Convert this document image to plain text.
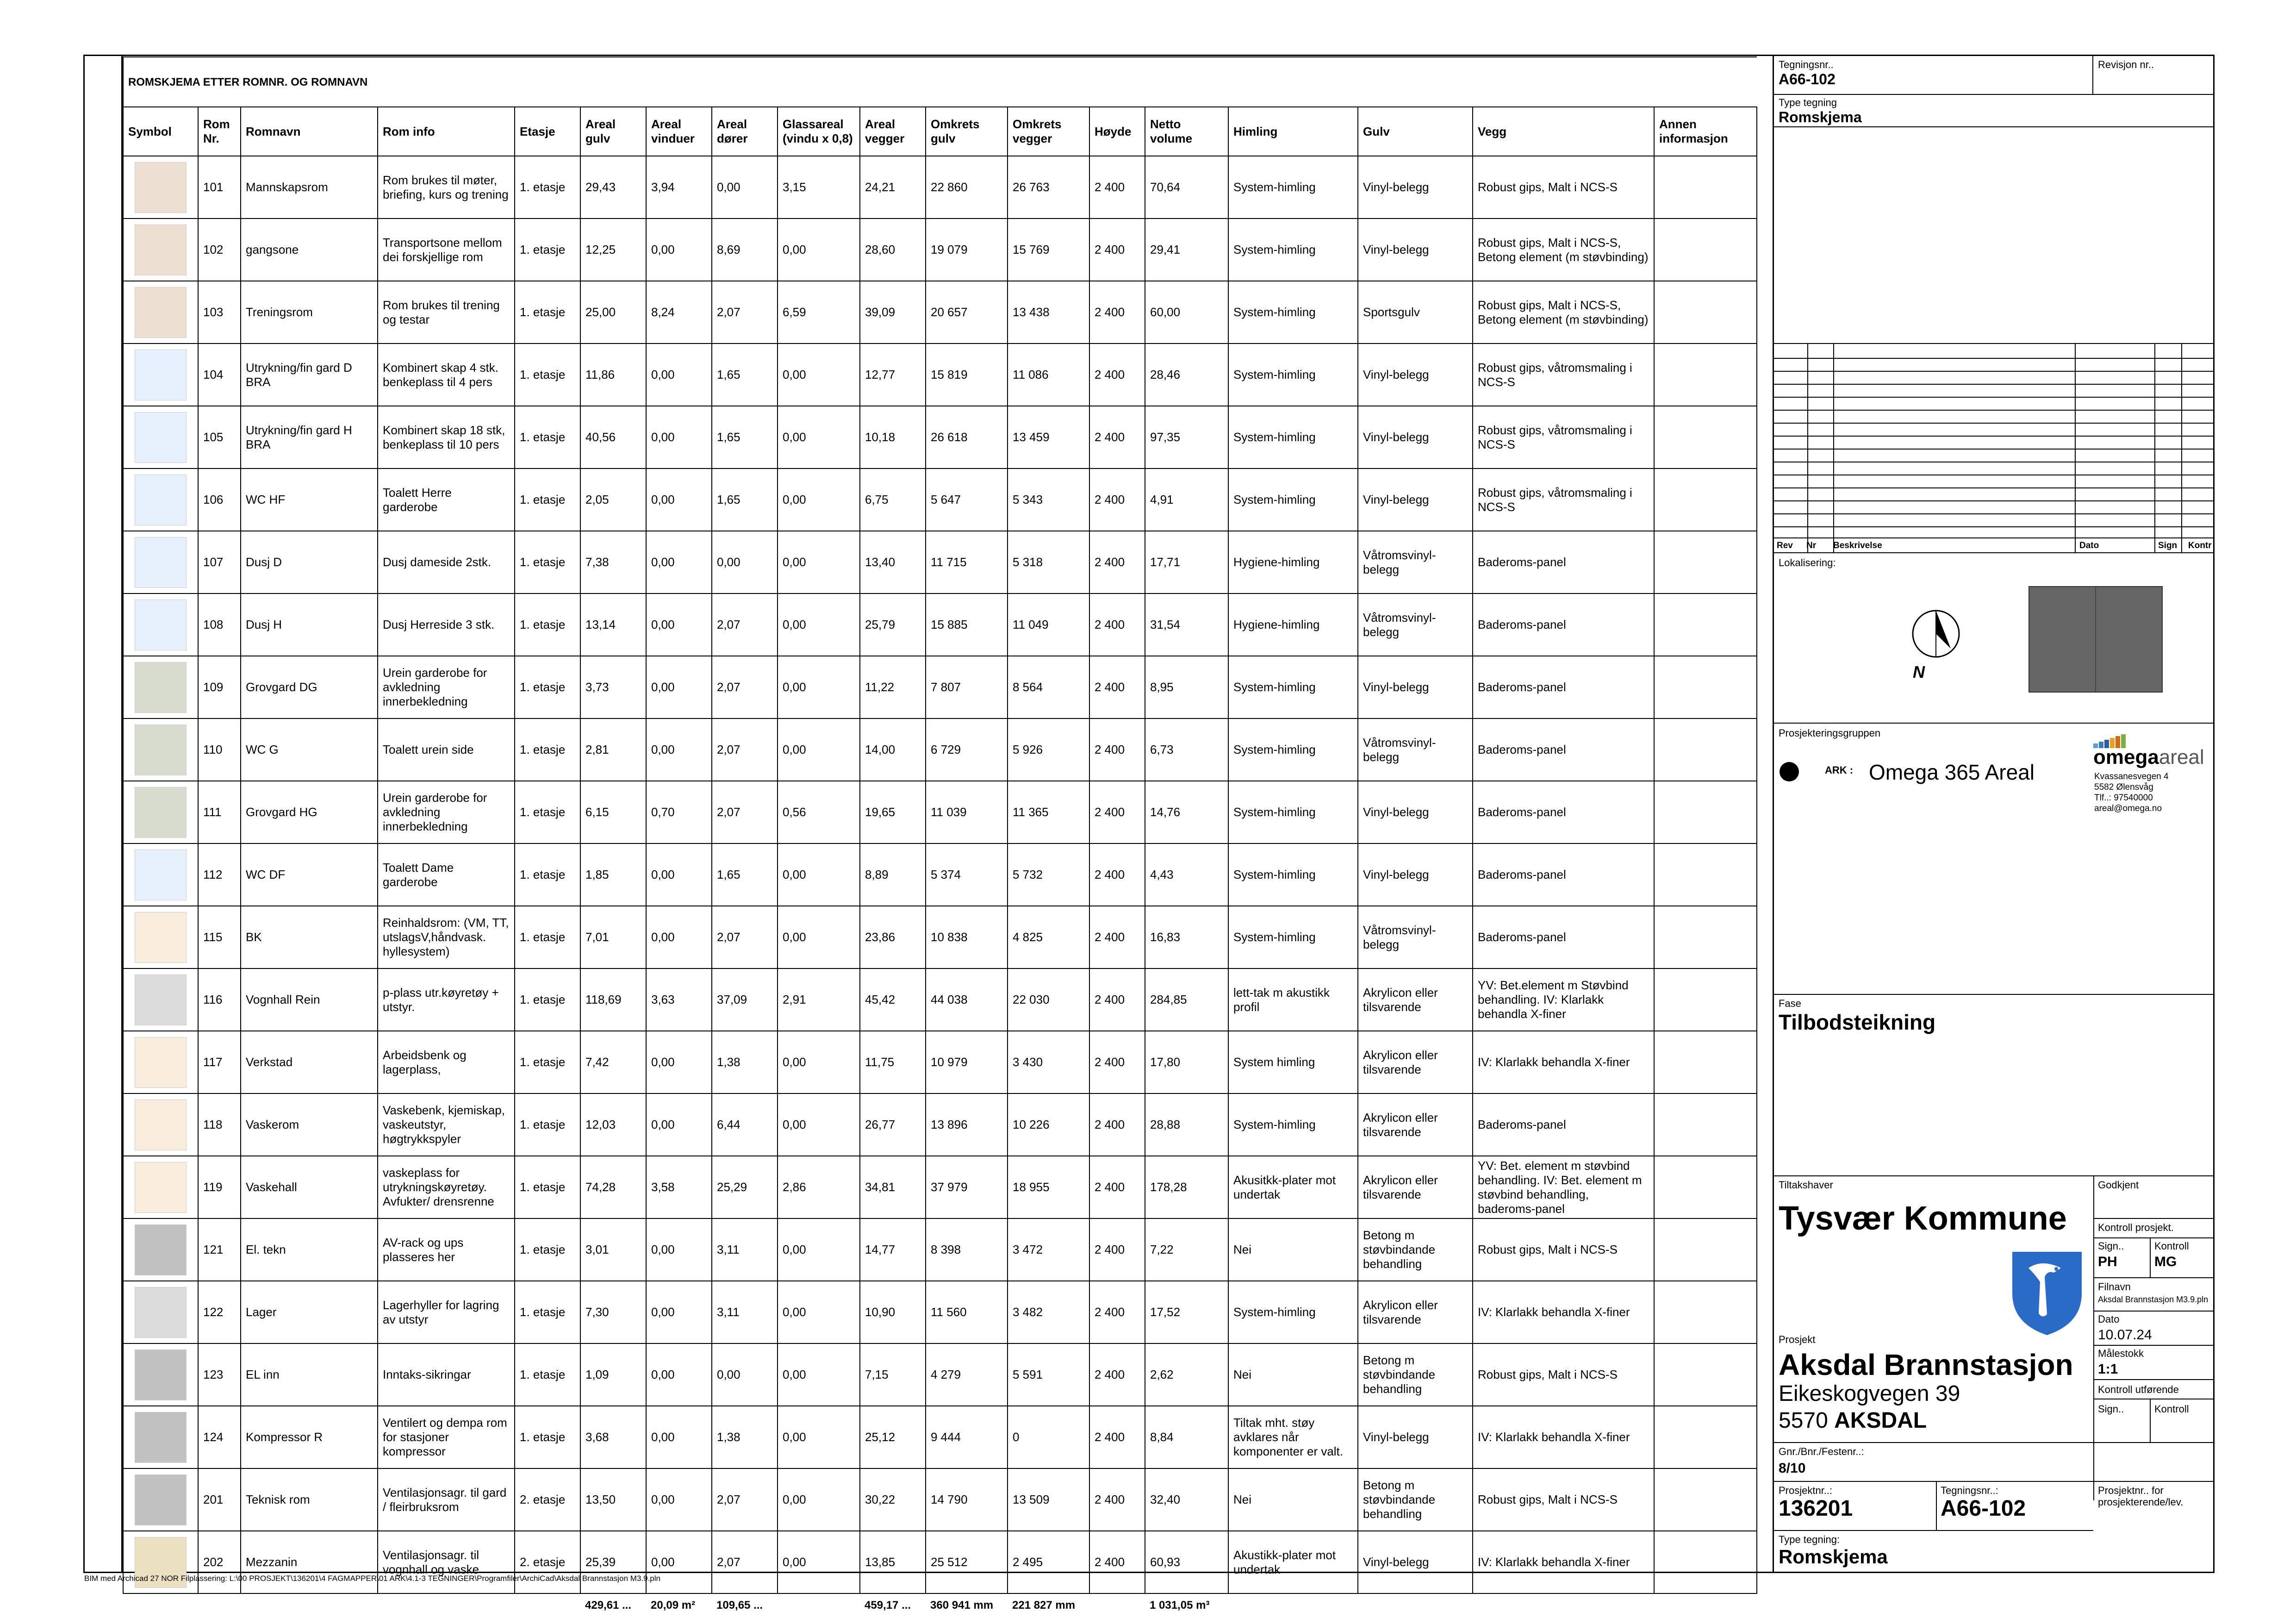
ROMSKJEMA ETTER ROMNR. OG ROMNAVN																	
Symbol	Rom Nr.	Romnavn	Rom info	Etasje	Areal gulv	Areal vinduer	Areal dører	Glassareal (vindu x 0,8)	Areal vegger	Omkrets gulv	Omkrets vegger	Høyde	Netto volume	Himling	Gulv	Vegg	Annen informasjon

	101	Mannskapsrom	Rom brukes til møter, briefing, kurs og trening	1. etasje	29,43	3,94	0,00	3,15	24,21	22 860	26 763	2 400	70,64	System-himling	Vinyl-belegg	Robust gips, Malt i NCS-S	

	102	gangsone	Transportsone mellom dei forskjellige rom	1. etasje	12,25	0,00	8,69	0,00	28,60	19 079	15 769	2 400	29,41	System-himling	Vinyl-belegg	Robust gips, Malt i NCS-S, Betong element (m støvbinding)	

	103	Treningsrom	Rom brukes til trening og testar	1. etasje	25,00	8,24	2,07	6,59	39,09	20 657	13 438	2 400	60,00	System-himling	Sportsgulv	Robust gips, Malt i NCS-S, Betong element (m støvbinding)	

	104	Utrykning/fin gard D BRA	Kombinert skap 4 stk. benkeplass til 4 pers	1. etasje	11,86	0,00	1,65	0,00	12,77	15 819	11 086	2 400	28,46	System-himling	Vinyl-belegg	Robust gips, våtromsmaling i NCS-S	

	105	Utrykning/fin gard H BRA	Kombinert skap 18 stk, benkeplass til 10 pers	1. etasje	40,56	0,00	1,65	0,00	10,18	26 618	13 459	2 400	97,35	System-himling	Vinyl-belegg	Robust gips, våtromsmaling i NCS-S	

	106	WC HF	Toalett Herre garderobe	1. etasje	2,05	0,00	1,65	0,00	6,75	5 647	5 343	2 400	4,91	System-himling	Vinyl-belegg	Robust gips, våtromsmaling i NCS-S	

	107	Dusj D	Dusj dameside 2stk.	1. etasje	7,38	0,00	0,00	0,00	13,40	11 715	5 318	2 400	17,71	Hygiene-himling	Våtromsvinyl-belegg	Baderoms-panel	

	108	Dusj H	Dusj Herreside 3 stk.	1. etasje	13,14	0,00	2,07	0,00	25,79	15 885	11 049	2 400	31,54	Hygiene-himling	Våtromsvinyl-belegg	Baderoms-panel	

	109	Grovgard DG	Urein garderobe for avkledning innerbekledning	1. etasje	3,73	0,00	2,07	0,00	11,22	7 807	8 564	2 400	8,95	System-himling	Vinyl-belegg	Baderoms-panel	

	110	WC G	Toalett urein side	1. etasje	2,81	0,00	2,07	0,00	14,00	6 729	5 926	2 400	6,73	System-himling	Våtromsvinyl-belegg	Baderoms-panel	

	111	Grovgard HG	Urein garderobe for avkledning innerbekledning	1. etasje	6,15	0,70	2,07	0,56	19,65	11 039	11 365	2 400	14,76	System-himling	Vinyl-belegg	Baderoms-panel	

	112	WC DF	Toalett Dame garderobe	1. etasje	1,85	0,00	1,65	0,00	8,89	5 374	5 732	2 400	4,43	System-himling	Vinyl-belegg	Baderoms-panel	

	115	BK	Reinhaldsrom: (VM, TT, utslagsV,håndvask. hyllesystem)	1. etasje	7,01	0,00	2,07	0,00	23,86	10 838	4 825	2 400	16,83	System-himling	Våtromsvinyl-belegg	Baderoms-panel	

	116	Vognhall Rein	p-plass utr.køyretøy + utstyr.	1. etasje	118,69	3,63	37,09	2,91	45,42	44 038	22 030	2 400	284,85	lett-tak m akustikk profil	Akrylicon eller tilsvarende	YV: Bet.element m Støvbind behandling. IV: Klarlakk behandla X-finer	

	117	Verkstad	Arbeidsbenk og lagerplass,	1. etasje	7,42	0,00	1,38	0,00	11,75	10 979	3 430	2 400	17,80	System himling	Akrylicon eller tilsvarende	IV: Klarlakk behandla X-finer	

	118	Vaskerom	Vaskebenk, kjemiskap, vaskeutstyr, høgtrykkspyler	1. etasje	12,03	0,00	6,44	0,00	26,77	13 896	10 226	2 400	28,88	System-himling	Akrylicon eller tilsvarende	Baderoms-panel	

	119	Vaskehall	vaskeplass for utrykningskøyretøy. Avfukter/ drensrenne	1. etasje	74,28	3,58	25,29	2,86	34,81	37 979	18 955	2 400	178,28	Akusitkk-plater mot undertak	Akrylicon eller tilsvarende	YV: Bet. element m støvbind behandling. IV: Bet. element m støvbind behandling, baderoms-panel	

	121	El. tekn	AV-rack og ups plasseres her	1. etasje	3,01	0,00	3,11	0,00	14,77	8 398	3 472	2 400	7,22	Nei	Betong m støvbindande behandling	Robust gips, Malt i NCS-S	

	122	Lager	Lagerhyller for lagring av utstyr	1. etasje	7,30	0,00	3,11	0,00	10,90	11 560	3 482	2 400	17,52	System-himling	Akrylicon eller tilsvarende	IV: Klarlakk behandla X-finer	

	123	EL inn	Inntaks-sikringar	1. etasje	1,09	0,00	0,00	0,00	7,15	4 279	5 591	2 400	2,62	Nei	Betong m støvbindande behandling	Robust gips, Malt i NCS-S	

	124	Kompressor R	Ventilert og dempa rom for stasjoner kompressor	1. etasje	3,68	0,00	1,38	0,00	25,12	9 444	0	2 400	8,84	Tiltak mht. støy avklares når komponenter er valt.	Vinyl-belegg	IV: Klarlakk behandla X-finer	

	201	Teknisk rom	Ventilasjonsagr. til gard / fleirbruksrom	2. etasje	13,50	0,00	2,07	0,00	30,22	14 790	13 509	2 400	32,40	Nei	Betong m støvbindande behandling	Robust gips, Malt i NCS-S	

	202	Mezzanin	Ventilasjonsagr. til vognhall og vaske	2. etasje	25,39	0,00	2,07	0,00	13,85	25 512	2 495	2 400	60,93	Akustikk-plater mot undertak	Vinyl-belegg	IV: Klarlakk behandla X-finer	
					429,61 ...	20,09 m²	109,65 ...		459,17 ...	360 941 mm	221 827 mm		1 031,05 m³				
BIM med Archicad 27 NOR Filplassering: L:\00 PROSJEKT\136201\4 FAGMAPPER\01 ARK\4.1-3 TEGNINGER\Programfiler\ArchiCad\Aksdal Brannstasjon M3.9.pln
Tegningsnr..
A66-102
Revisjon nr..
Type tegning
Romskjema
Rev Nr Beskrivelse	Dato	Sign Kontr
Lokalisering:
N
Prosjekteringsgruppen
ARK : Omega 365 Areal
omegaareal
Kvassanesvegen 4
5582 Ølensvåg
Tlf..: 97540000
areal@omega.no
Fase
Tilbodsteikning
Tiltakshaver
Tysvær Kommune
Godkjent
Kontroll prosjekt.
Sign..
PH
Kontroll
MG
Filnavn
Aksdal Brannstasjon M3.9.pln
Dato
10.07.24
Målestokk
1:1
Kontroll utførende
Sign..	Kontroll
Prosjekt
Aksdal Brannstasjon
Eikeskogvegen 39
5570 AKSDAL
Gnr./Bnr./Festenr..:
8/10
Prosjektnr..:
136201
Tegningsnr..:
A66-102
Prosjektnr.. for prosjekterende/lev.
Type tegning:
Romskjema
